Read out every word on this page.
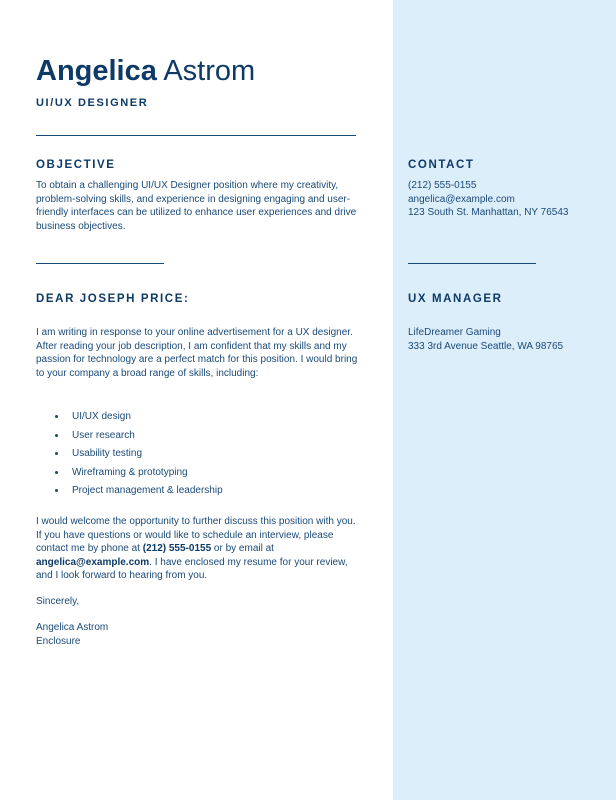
Angelica Astrom
UI/UX DESIGNER
OBJECTIVE
To obtain a challenging UI/UX Designer position where my creativity, problem-solving skills, and experience in designing engaging and user-friendly interfaces can be utilized to enhance user experiences and drive business objectives.
CONTACT

(212) 555-0155

angelica@example.com

123 South St. Manhattan, NY 76543

DEAR JOSEPH PRICE:
I am writing in response to your online advertisement for a UX designer. After reading your job description, I am confident that my skills and my passion for technology are a perfect match for this position. I would bring to your company a broad range of skills, including:
UI/UX design
User research
Usability testing
Wireframing & prototyping
Project management & leadership
I would welcome the opportunity to further discuss this position with you. If you have questions or would like to schedule an interview, please contact me by phone at (212) 555-0155 or by email at angelica@example.com. I have enclosed my resume for your review, and I look forward to hearing from you.
Sincerely,

Angelica Astrom

Enclosure

UX MANAGER

LifeDreamer Gaming

333 3rd Avenue Seattle, WA 98765
